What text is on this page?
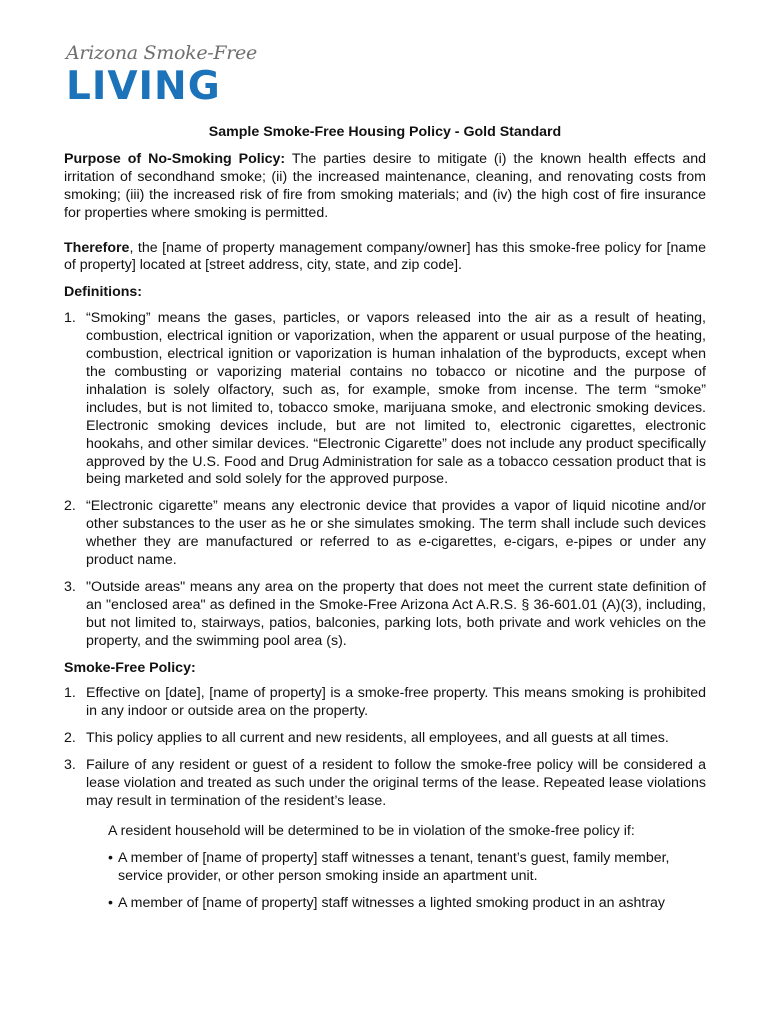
Arizona Smoke-Free
LIVING
Sample Smoke-Free Housing Policy - Gold Standard

Purpose of No-Smoking Policy: The parties desire to mitigate (i) the known health effects and irritation of secondhand smoke; (ii) the increased maintenance, cleaning, and renovating costs from smoking; (iii) the increased risk of fire from smoking materials; and (iv) the high cost of fire insurance for properties where smoking is permitted.

Therefore, the [name of property management company/owner] has this smoke-free policy for [name of property] located at [street address, city, state, and zip code].

Definitions:
1. “Smoking” means the gases, particles, or vapors released into the air as a result of heating, combustion, electrical ignition or vaporization, when the apparent or usual purpose of the heating, combustion, electrical ignition or vaporization is human inhalation of the byproducts, except when the combusting or vaporizing material contains no tobacco or nicotine and the purpose of inhalation is solely olfactory, such as, for example, smoke from incense. The term “smoke” includes, but is not limited to, tobacco smoke, marijuana smoke, and electronic smoking devices. Electronic smoking devices include, but are not limited to, electronic cigarettes, electronic hookahs, and other similar devices. “Electronic Cigarette” does not include any product specifically approved by the U.S. Food and Drug Administration for sale as a tobacco cessation product that is being marketed and sold solely for the approved purpose.
2. “Electronic cigarette” means any electronic device that provides a vapor of liquid nicotine and/or other substances to the user as he or she simulates smoking. The term shall include such devices whether they are manufactured or referred to as e-cigarettes, e-cigars, e-pipes or under any product name.
3. "Outside areas" means any area on the property that does not meet the current state definition of an "enclosed area" as defined in the Smoke-Free Arizona Act A.R.S. § 36-601.01 (A)(3), including, but not limited to, stairways, patios, balconies, parking lots, both private and work vehicles on the property, and the swimming pool area (s).
Smoke-Free Policy:
1. Effective on [date], [name of property] is a smoke-free property. This means smoking is prohibited in any indoor or outside area on the property.
2. This policy applies to all current and new residents, all employees, and all guests at all times.
3. Failure of any resident or guest of a resident to follow the smoke-free policy will be considered a lease violation and treated as such under the original terms of the lease. Repeated lease violations may result in termination of the resident’s lease.

A resident household will be determined to be in violation of the smoke-free policy if:

• A member of [name of property] staff witnesses a tenant, tenant’s guest, family member, service provider, or other person smoking inside an apartment unit.
• A member of [name of property] staff witnesses a lighted smoking product in an ashtray
